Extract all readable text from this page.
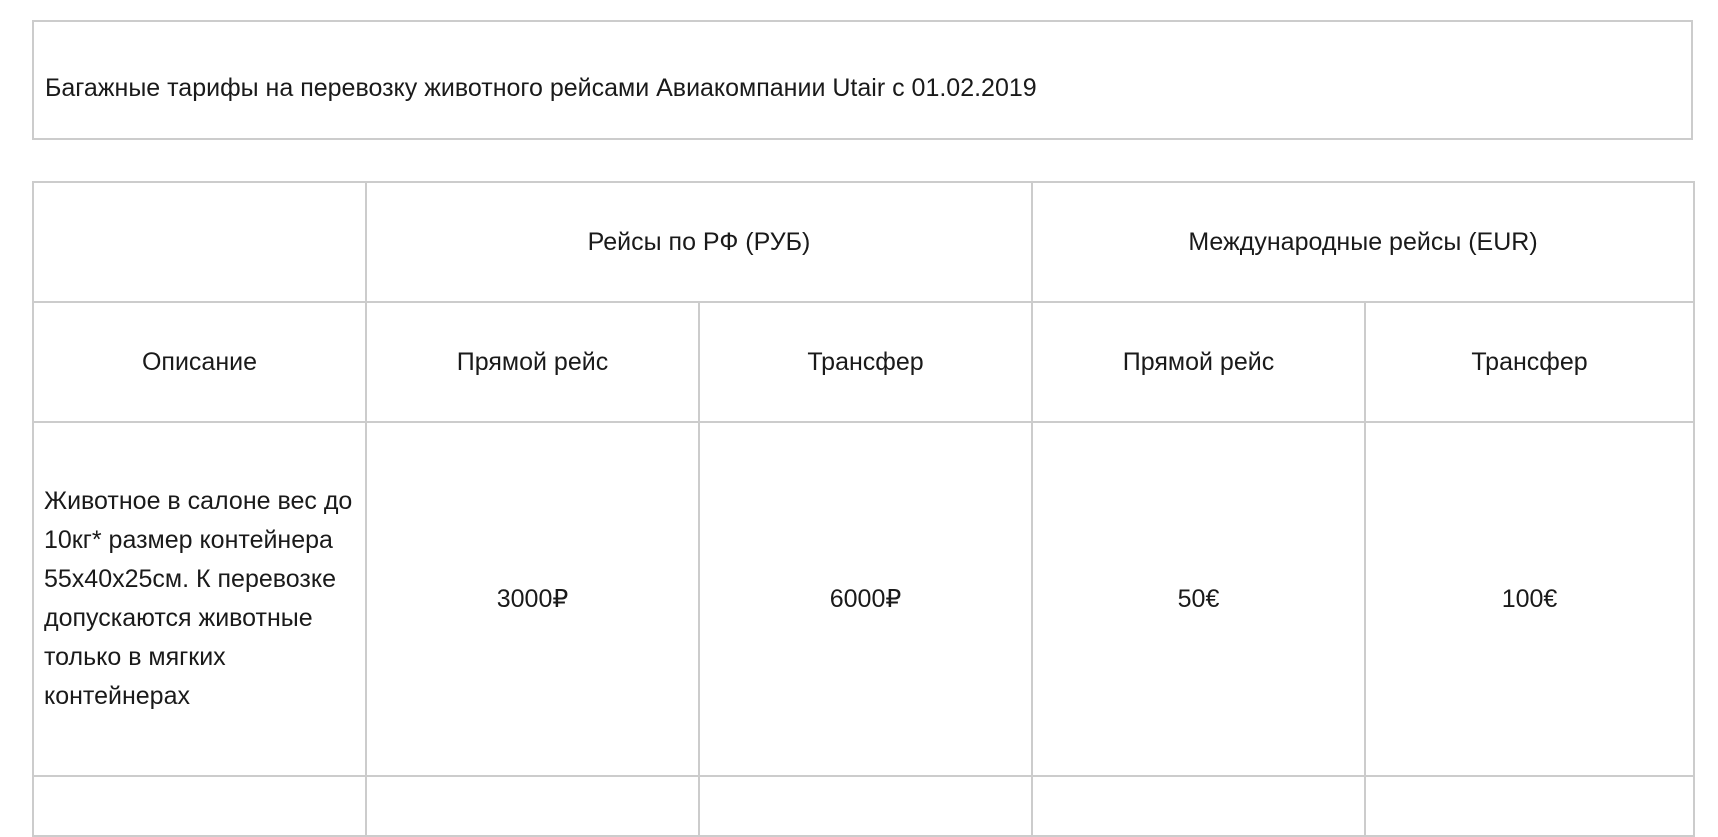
Багажные тарифы на перевозку животного рейсами Авиакомпании Utair с 01.02.2019
	Рейсы по РФ (РУБ)		Международные рейсы (EUR)	
Описание	Прямой рейс	Трансфер	Прямой рейс	Трансфер
Животное в салоне вес до 10кг* размер контейнера 55х40х25см. К перевозке допускаются животные только в мягких контейнерах	3000₽	6000₽	50€	100€
